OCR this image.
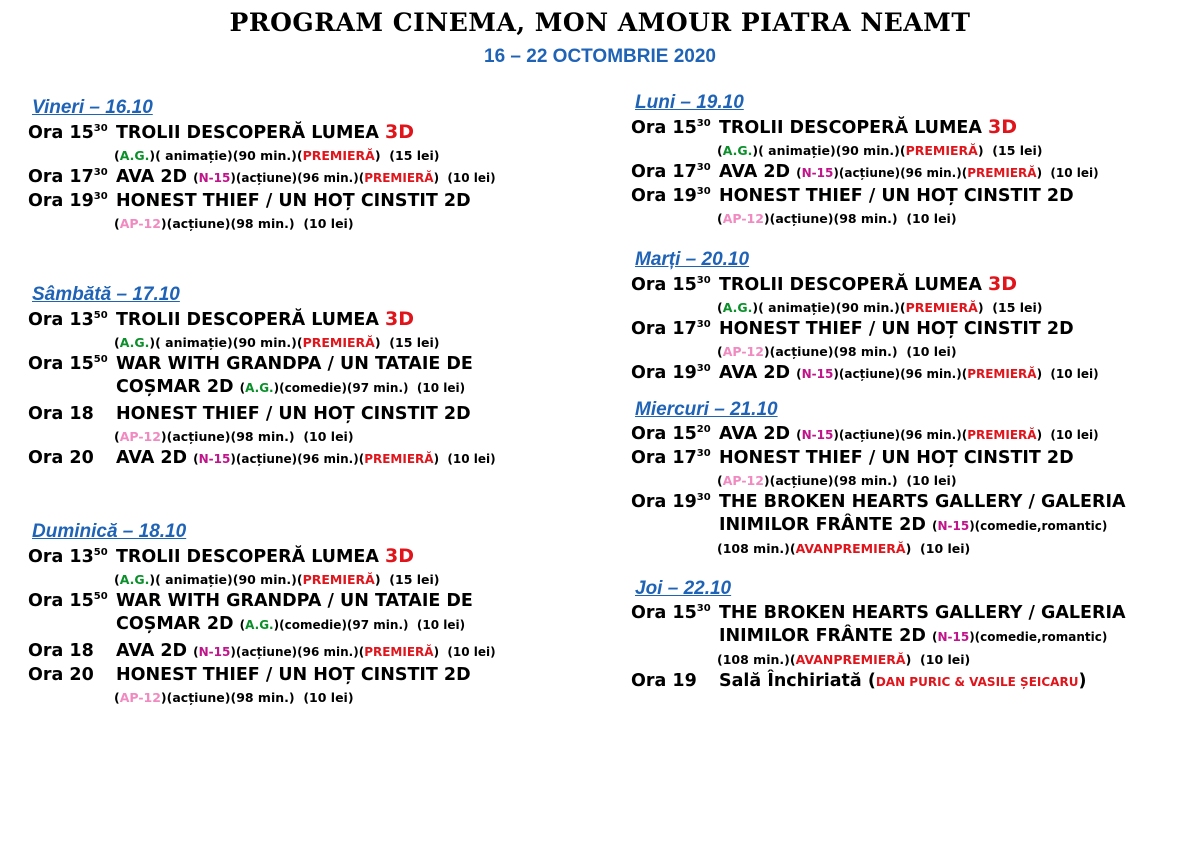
PROGRAM CINEMA, MON AMOUR PIATRA NEAMT
16 – 22 OCTOMBRIE 2020
Vineri – 16.10
Ora $15^{30}$ TROLII DESCOPERĂ LUMEA 3D
(A.G.)( animație)(90 min.)(PREMIERĂ)  (15 lei)
Ora $17^{30}$ AVA 2D (N-15)(acțiune)(96 min.)(PREMIERĂ)  (10 lei)
Ora $19^{30}$ HONEST THIEF / UN HOȚ CINSTIT 2D
(AP-12)(acțiune)(98 min.)  (10 lei)
Sâmbătă – 17.10
Ora $13^{50}$ TROLII DESCOPERĂ LUMEA 3D
(A.G.)( animație)(90 min.)(PREMIERĂ)  (15 lei)
Ora $15^{50}$ WAR WITH GRANDPA / UN TATAIE DE
COȘMAR 2D (A.G.)(comedie)(97 min.)  (10 lei)
Ora 18 HONEST THIEF / UN HOȚ CINSTIT 2D
(AP-12)(acțiune)(98 min.)  (10 lei)
Ora 20 AVA 2D (N-15)(acțiune)(96 min.)(PREMIERĂ)  (10 lei)
Duminică – 18.10
Ora $13^{50}$ TROLII DESCOPERĂ LUMEA 3D
(A.G.)( animație)(90 min.)(PREMIERĂ)  (15 lei)
Ora $15^{50}$ WAR WITH GRANDPA / UN TATAIE DE
COȘMAR 2D (A.G.)(comedie)(97 min.)  (10 lei)
Ora 18 AVA 2D (N-15)(acțiune)(96 min.)(PREMIERĂ)  (10 lei)
Ora 20 HONEST THIEF / UN HOȚ CINSTIT 2D
(AP-12)(acțiune)(98 min.)  (10 lei)
Luni – 19.10
Ora $15^{30}$ TROLII DESCOPERĂ LUMEA 3D
(A.G.)( animație)(90 min.)(PREMIERĂ)  (15 lei)
Ora $17^{30}$ AVA 2D (N-15)(acțiune)(96 min.)(PREMIERĂ)  (10 lei)
Ora $19^{30}$ HONEST THIEF / UN HOȚ CINSTIT 2D
(AP-12)(acțiune)(98 min.)  (10 lei)
Marți – 20.10
Ora $15^{30}$ TROLII DESCOPERĂ LUMEA 3D
(A.G.)( animație)(90 min.)(PREMIERĂ)  (15 lei)
Ora $17^{30}$ HONEST THIEF / UN HOȚ CINSTIT 2D
(AP-12)(acțiune)(98 min.)  (10 lei)
Ora $19^{30}$ AVA 2D (N-15)(acțiune)(96 min.)(PREMIERĂ)  (10 lei)
Miercuri – 21.10
Ora $15^{20}$ AVA 2D (N-15)(acțiune)(96 min.)(PREMIERĂ)  (10 lei)
Ora $17^{30}$ HONEST THIEF / UN HOȚ CINSTIT 2D
(AP-12)(acțiune)(98 min.)  (10 lei)
Ora $19^{30}$ THE BROKEN HEARTS GALLERY / GALERIA
INIMILOR FRÂNTE 2D (N-15)(comedie,romantic)
(108 min.)(AVANPREMIERĂ)  (10 lei)
Joi – 22.10
Ora $15^{30}$ THE BROKEN HEARTS GALLERY / GALERIA
INIMILOR FRÂNTE 2D (N-15)(comedie,romantic)
(108 min.)(AVANPREMIERĂ)  (10 lei)
Ora 19 Sală Închiriată (DAN PURIC & VASILE ȘEICARU)
